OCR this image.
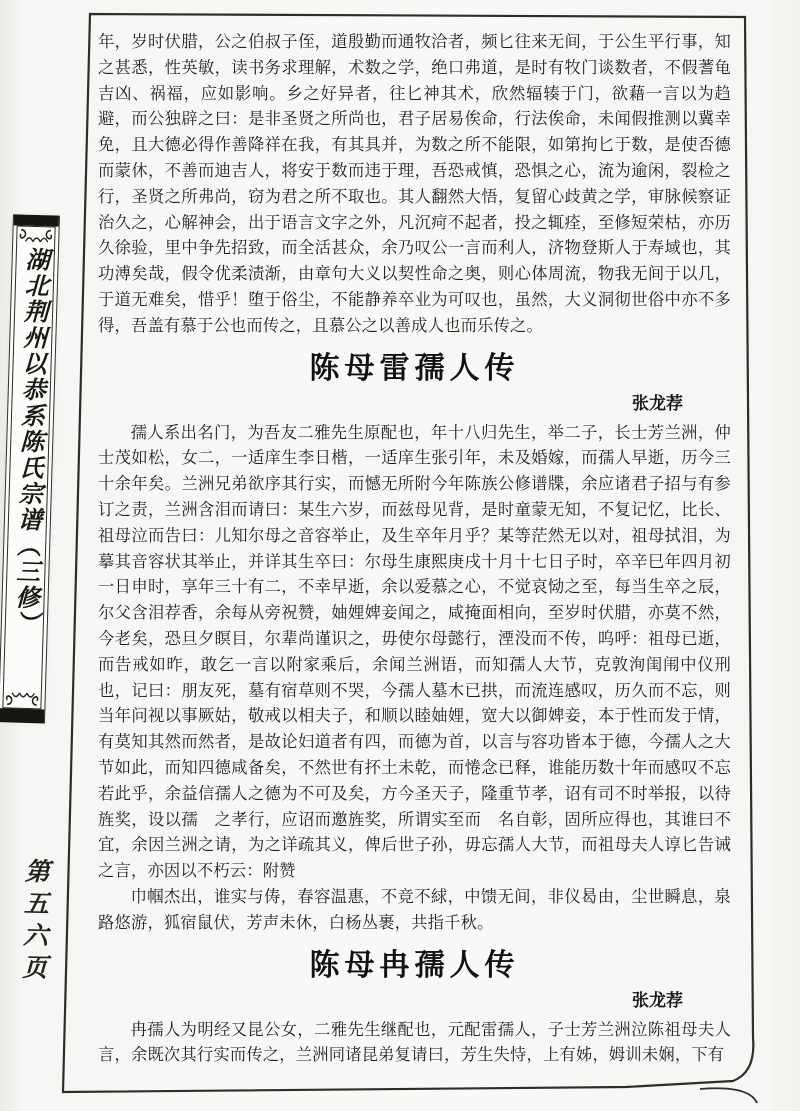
湖北荆州以恭系陈氏宗谱（三修）
第五六页

年，岁时伏腊，公之伯叔子侄，道殷勤而通牧洽者，频匕往来无间，于公生平行事，知之甚悉，性英敏，读书务求理解，术数之学，绝口弗道，是时有牧门谈数者，不假蓍龟吉凶、祸福，应如影响。乡之好异者，往匕神其术，欣然辐辏于门，欲藉一言以为趋避，而公独辟之曰：是非圣贤之所尚也，君子居易俟命，行法俟命，未闻假推测以冀幸免，且大德必得作善降祥在我，有其具并，为数之所不能限，如第拘匕于数，是使否德而蒙休，不善而迪吉人，将安于数而违于理，吾恐戒慎，恐惧之心，流为逾闲，裂检之行，圣贤之所弗尚，窃为君之所不取也。其人翻然大悟，复留心歧黄之学，审脉候察证治久之，心解神会，出于语言文字之外，凡沉疴不起者，投之辄痊，至修短荣枯，亦历久徐验，里中争先招致，而全活甚众，余乃叹公一言而利人，济物登斯人于寿域也，其功溥矣哉，假令优柔渍渐，由章句大义以契性命之奥，则心体周流，物我无间于以几，于道无难矣，惜乎！堕于俗尘，不能静养卒业为可叹也，虽然，大义洞彻世俗中亦不多得，吾盖有慕于公也而传之，且慕公之以善成人也而乐传之。

陈母雷孺人传
张龙荐

孺人系出名门，为吾友二雅先生原配也，年十八归先生，举二子，长士芳兰洲，仲士茂如松，女二，一适庠生李日楷，一适庠生张引年，未及婚嫁，而孺人早逝，历今三十余年矣。兰洲兄弟欲序其行实，而憾无所附今年陈族公修谱牒，余应诸君子招与有参订之责，兰洲含泪而请曰：某生六岁，而兹母见背，是时童蒙无知，不复记忆，比长、祖母泣而告曰：儿知尔母之音容举止，及生卒年月乎？某等茫然无以对，祖母拭泪，为摹其音容状其举止，并详其生卒曰：尔母生康熙庚戌十月十七日子时，卒辛巳年四月初一日申时，享年三十有二，不幸早逝，余以爱慕之心，不觉哀恸之至，每当生卒之辰，尔父含泪荐香，余每从旁祝赞，妯娌婢妾闻之，咸掩面相向，至岁时伏腊，亦莫不然，今老矣，恐旦夕瞑目，尔辈尚谨识之，毋使尔母懿行，湮没而不传，呜呼：祖母已逝，而告戒如昨，敢乞一言以附家乘后，余闻兰洲语，而知孺人大节，克敦洵闺闱中仪刑也，记曰：朋友死，墓有宿草则不哭，今孺人墓木已拱，而流连感叹，历久而不忘，则当年问视以事厥姑，敬戒以相夫子，和顺以睦妯娌，宽大以御婢妾，本于性而发于情，有莫知其然而然者，是故论妇道者有四，而德为首，以言与容功皆本于德，今孺人之大节如此，而知四德咸备矣，不然世有抔土未乾，而惓念已释，谁能历数十年而感叹不忘若此乎，余益信孺人之德为不可及矣，方今圣天子，隆重节孝，诏有司不时举报，以待旌奖，设以孺　之孝行，应诏而邀旌奖，所谓实至而　名自彰，固所应得也，其谁曰不宜，余因兰洲之请，为之详疏其义，俾后世子孙，毋忘孺人大节，而祖母夫人谆匕告诫之言，亦因以不朽云：附赞

巾帼杰出，谁实与俦，春容温惠，不竞不絿，中馈无间，非仪曷由，尘世瞬息，泉路悠游，狐宿鼠伏，芳声未休，白杨丛裹，共指千秋。

陈母冉孺人传
张龙荐

冉孺人为明经又昆公女，二雅先生继配也，元配雷孺人，子士芳兰洲泣陈祖母夫人言，余既次其行实而传之，兰洲同诸昆弟复请曰，芳生失恃，上有姊，姆训未娴，下有
